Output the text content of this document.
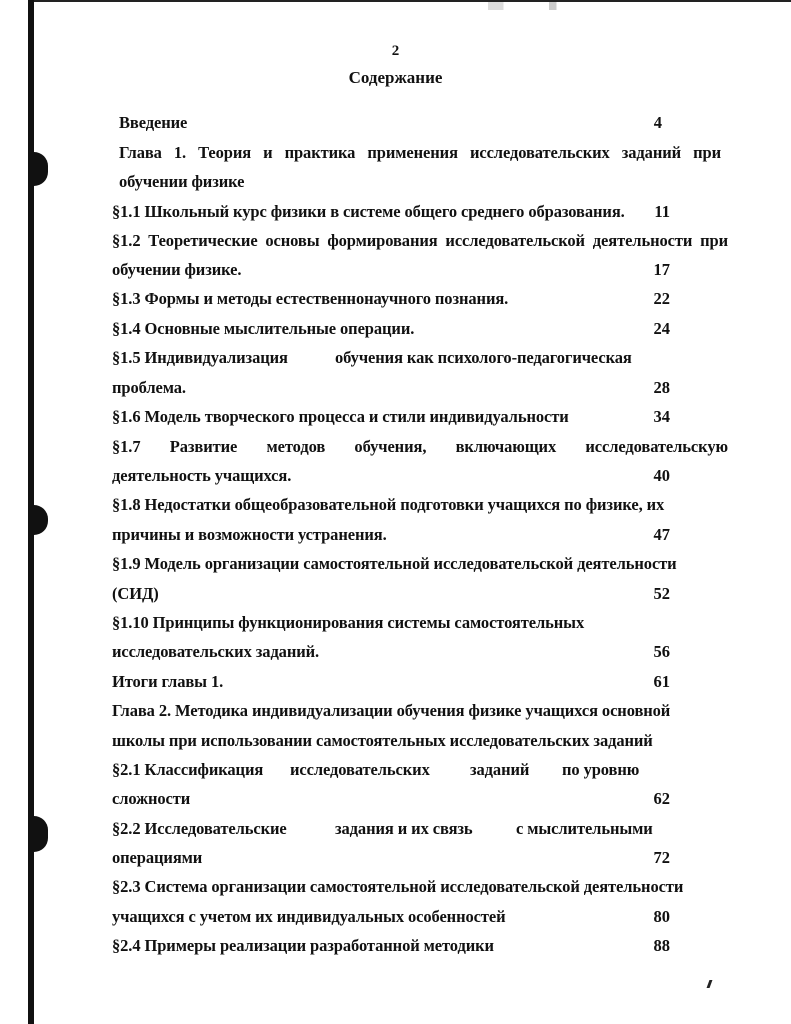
2
Содержание
Введение	4
Глава 1. Теория и практика применения исследовательских заданий при
обучении физике
§1.1 Школьный курс физики в системе общего среднего образования.	11
§1.2 Теоретические основы формирования исследовательской деятельности при
обучении физике.	17
§1.3 Формы и методы естественнонаучного познания.	22
§1.4 Основные мыслительные операции.	24
§1.5 Индивидуализация	обучения как психолого-педагогическая
проблема.	28
§1.6 Модель творческого процесса и стили индивидуальности	34
§1.7 Развитие методов обучения, включающих исследовательскую
деятельность учащихся.	40
§1.8 Недостатки общеобразовательной подготовки учащихся по физике, их
причины и возможности устранения.	47
§1.9 Модель организации самостоятельной исследовательской деятельности
(СИД)	52
§1.10 Принципы функционирования системы самостоятельных
исследовательских заданий.	56
Итоги главы 1.	61
Глава 2. Методика индивидуализации обучения физике учащихся основной
школы при использовании самостоятельных исследовательских заданий
§2.1 Классификация исследовательских заданий по уровню
сложности	62
§2.2 Исследовательские	задания и их связь	с мыслительными
операциями	72
§2.3 Система организации самостоятельной исследовательской деятельности
учащихся с учетом их индивидуальных особенностей	80
§2.4 Примеры реализации разработанной методики	88
